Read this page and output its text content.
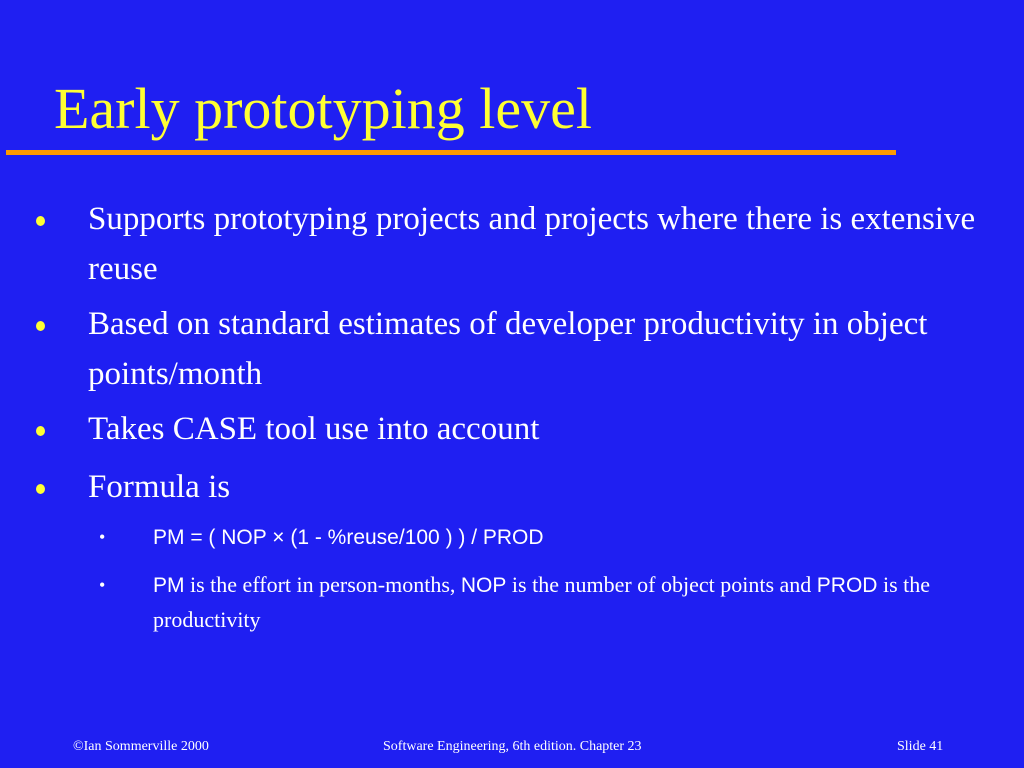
Early prototyping level
Supports prototyping projects and projects where there is extensive reuse
Based on standard estimates of developer productivity in object points/month
Takes CASE tool use into account
Formula is
• PM = ( NOP × (1 - %reuse/100 ) ) / PROD
• PM is the effort in person-months, NOP is the number of object points and PROD is the productivity
©Ian Sommerville 2000	Software Engineering, 6th edition. Chapter 23	Slide 41
